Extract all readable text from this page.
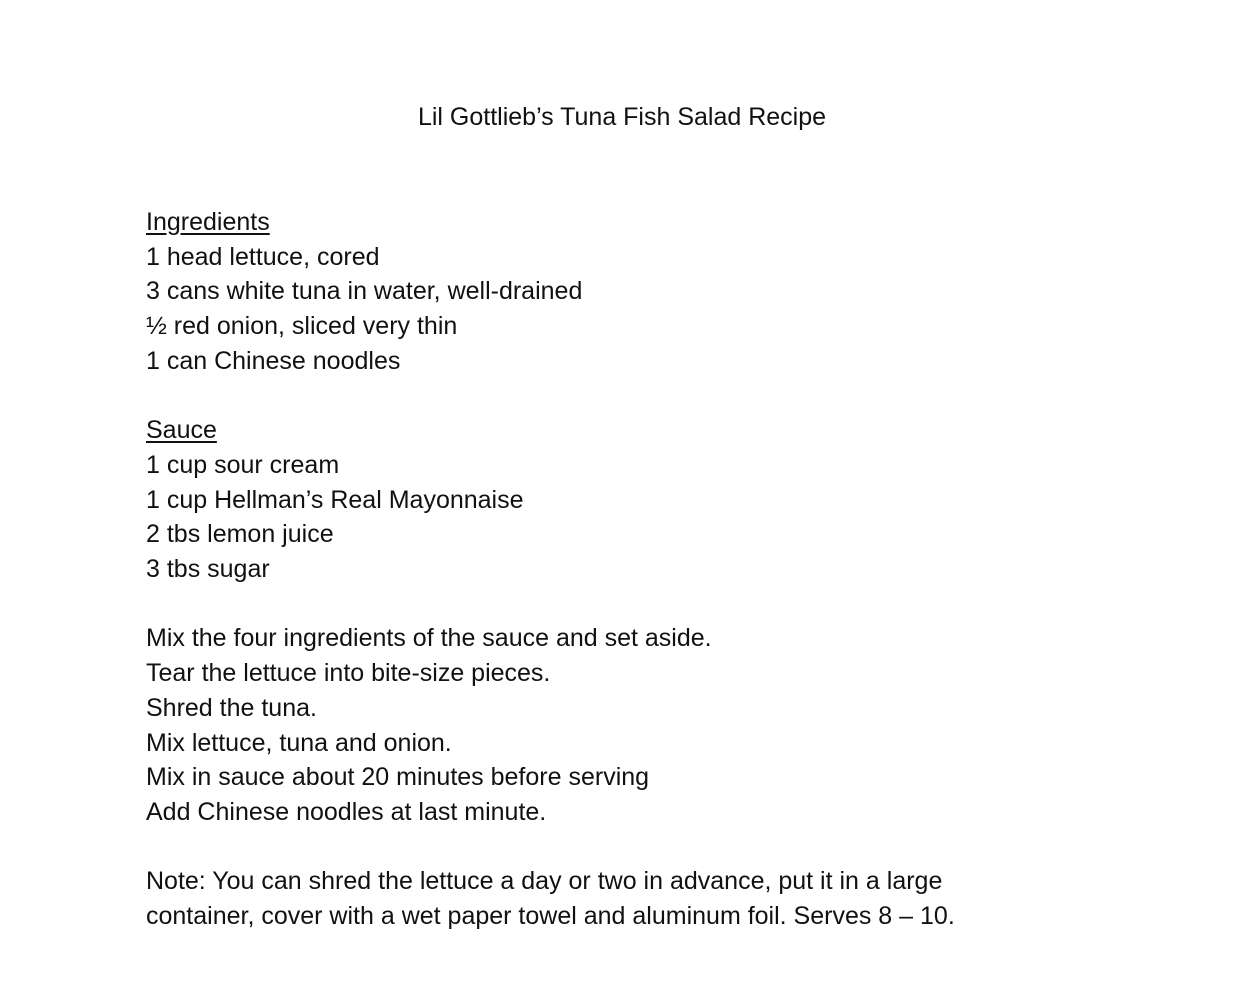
Lil Gottlieb’s Tuna Fish Salad Recipe
Ingredients
1 head lettuce, cored
3 cans white tuna in water, well-drained
½ red onion, sliced very thin
1 can Chinese noodles
Sauce
1 cup sour cream
1 cup Hellman’s Real Mayonnaise
2 tbs lemon juice
3 tbs sugar
Mix the four ingredients of the sauce and set aside.
Tear the lettuce into bite-size pieces.
Shred the tuna.
Mix lettuce, tuna and onion.
Mix in sauce about 20 minutes before serving
Add Chinese noodles at last minute.
Note: You can shred the lettuce a day or two in advance, put it in a large
container, cover with a wet paper towel and aluminum foil. Serves 8 – 10.
